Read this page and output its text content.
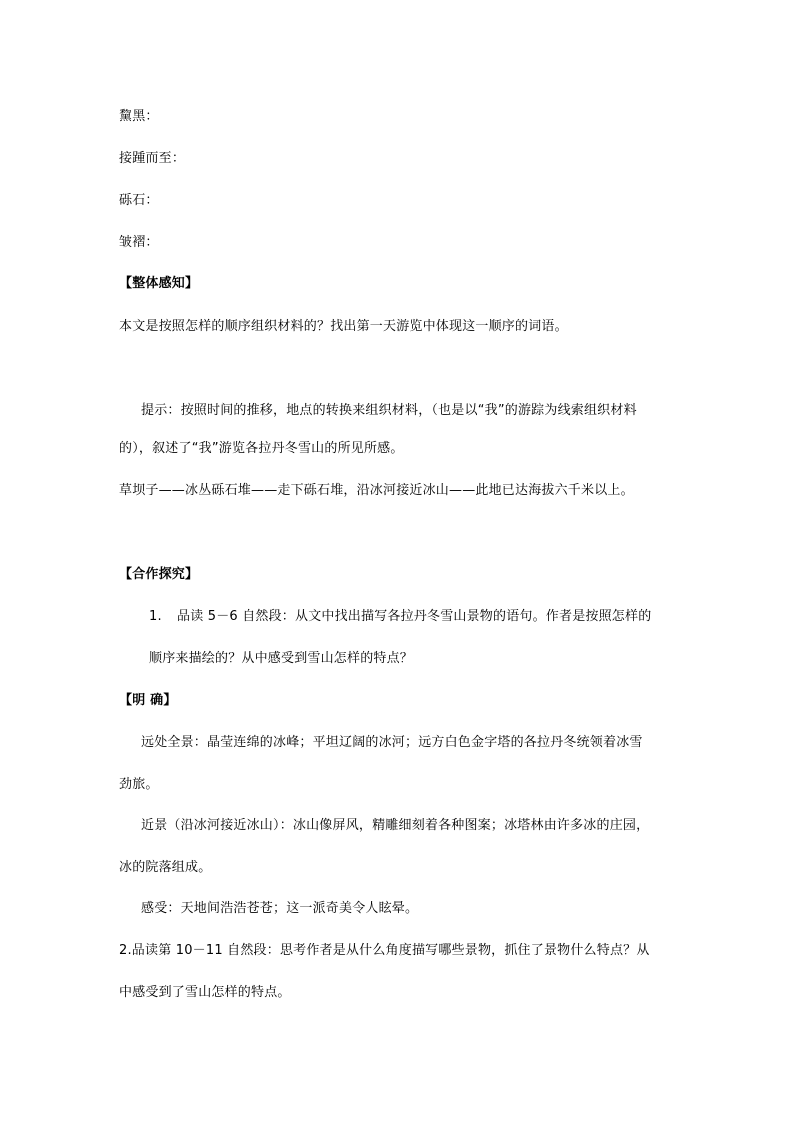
黧黑：
接踵而至：
砾石：
皱褶：
【整体感知】
本文是按照怎样的顺序组织材料的？找出第一天游览中体现这一顺序的词语。
提示：按照时间的推移，地点的转换来组织材料，（也是以“我”的游踪为线索组织材料
的），叙述了“我”游览各拉丹冬雪山的所见所感。
草坝子——冰丛砾石堆——走下砾石堆，沿冰河接近冰山——此地已达海拔六千米以上。
【合作探究】
1. 品读 5－6 自然段：从文中找出描写各拉丹冬雪山景物的语句。作者是按照怎样的
顺序来描绘的？从中感受到雪山怎样的特点？
【明 确】
远处全景：晶莹连绵的冰峰；平坦辽阔的冰河；远方白色金字塔的各拉丹冬统领着冰雪
劲旅。
近景（沿冰河接近冰山）：冰山像屏风，精雕细刻着各种图案；冰塔林由许多冰的庄园，
冰的院落组成。
感受：天地间浩浩苍苍；这一派奇美令人眩晕。
2.品读第 10－11 自然段：思考作者是从什么角度描写哪些景物，抓住了景物什么特点？从
中感受到了雪山怎样的特点。
